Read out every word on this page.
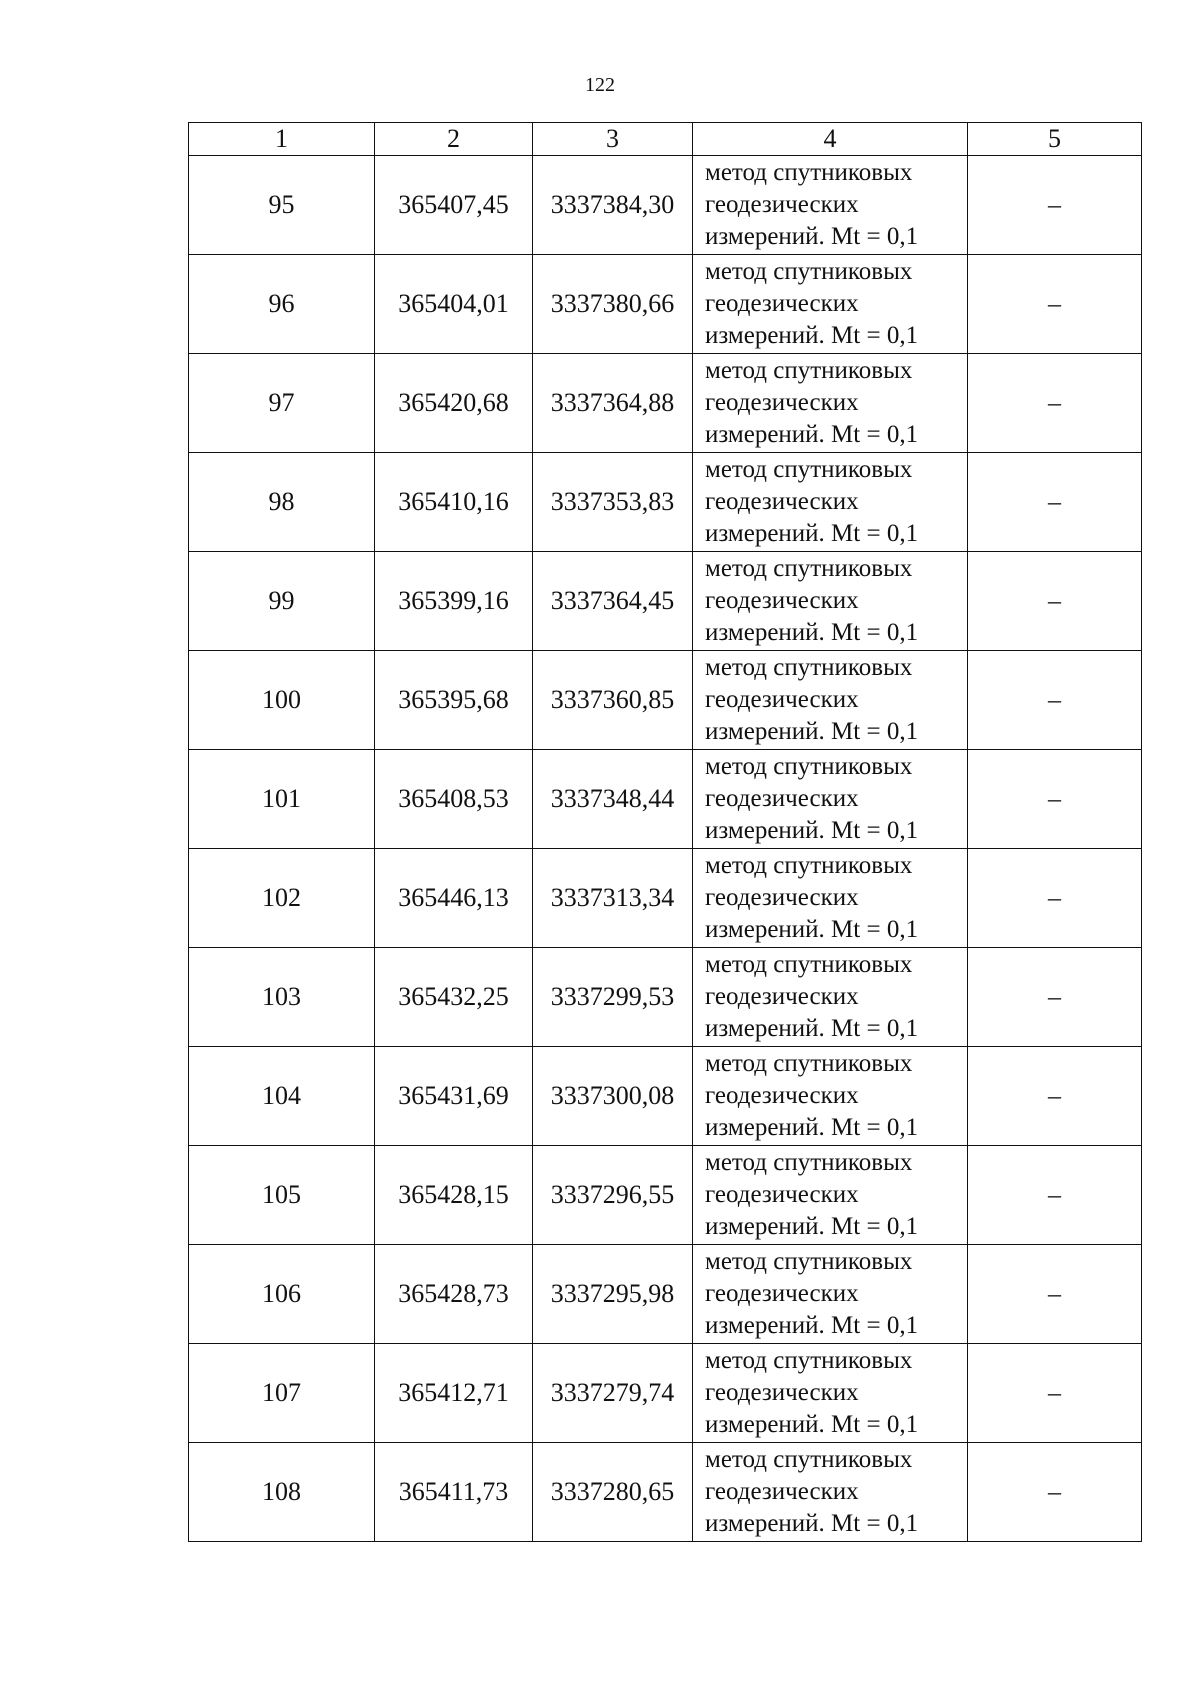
122
1	2	3	4	5
95	365407,45	3337384,30	метод спутниковых
геодезических
измерений. Mt = 0,1	–
96	365404,01	3337380,66	метод спутниковых
геодезических
измерений. Mt = 0,1	–
97	365420,68	3337364,88	метод спутниковых
геодезических
измерений. Mt = 0,1	–
98	365410,16	3337353,83	метод спутниковых
геодезических
измерений. Mt = 0,1	–
99	365399,16	3337364,45	метод спутниковых
геодезических
измерений. Mt = 0,1	–
100	365395,68	3337360,85	метод спутниковых
геодезических
измерений. Mt = 0,1	–
101	365408,53	3337348,44	метод спутниковых
геодезических
измерений. Mt = 0,1	–
102	365446,13	3337313,34	метод спутниковых
геодезических
измерений. Mt = 0,1	–
103	365432,25	3337299,53	метод спутниковых
геодезических
измерений. Mt = 0,1	–
104	365431,69	3337300,08	метод спутниковых
геодезических
измерений. Mt = 0,1	–
105	365428,15	3337296,55	метод спутниковых
геодезических
измерений. Mt = 0,1	–
106	365428,73	3337295,98	метод спутниковых
геодезических
измерений. Mt = 0,1	–
107	365412,71	3337279,74	метод спутниковых
геодезических
измерений. Mt = 0,1	–
108	365411,73	3337280,65	метод спутниковых
геодезических
измерений. Mt = 0,1	–
